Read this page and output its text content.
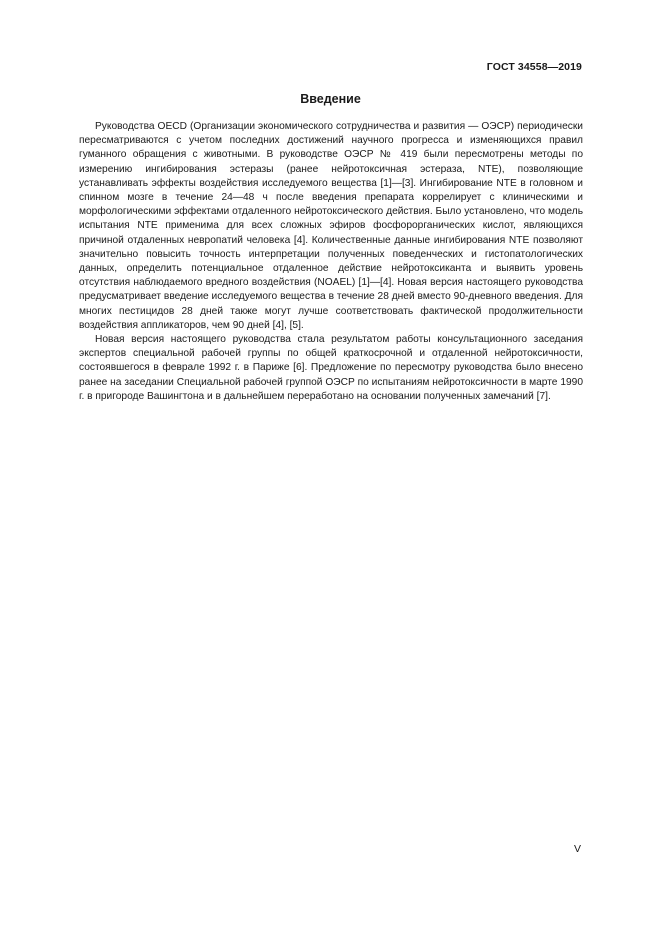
ГОСТ 34558—2019
Введение

Руководства OECD (Организации экономического сотрудничества и развития — ОЭСР) периодически пересматриваются с учетом последних достижений научного прогресса и изменяющихся правил гуманного обращения с животными. В руководстве ОЭСР № 419 были пересмотрены методы по измерению ингибирования эстеразы (ранее нейротоксичная эстераза, NTE), позволяющие устанавливать эффекты воздействия исследуемого вещества [1]—[3]. Ингибирование NTE в головном и спинном мозге в течение 24—48 ч после введения препарата коррелирует с клиническими и морфологическими эффектами отдаленного нейротоксического действия. Было установлено, что модель испытания NTE применима для всех сложных эфиров фосфорорганических кислот, являющихся причиной отдаленных невропатий человека [4]. Количественные данные ингибирования NTE позволяют значительно повысить точность интерпретации полученных поведенческих и гистопатологических данных, определить потенциальное отдаленное действие нейротоксиканта и выявить уровень отсутствия наблюдаемого вредного воздействия (NOAEL) [1]—[4]. Новая версия настоящего руководства предусматривает введение исследуемого вещества в течение 28 дней вместо 90-дневного введения. Для многих пестицидов 28 дней также могут лучше соответствовать фактической продолжительности воздействия аппликаторов, чем 90 дней [4], [5].

Новая версия настоящего руководства стала результатом работы консультационного заседания экспертов специальной рабочей группы по общей краткосрочной и отдаленной нейротоксичности, состоявшегося в феврале 1992 г. в Париже [6]. Предложение по пересмотру руководства было внесено ранее на заседании Специальной рабочей группой ОЭСР по испытаниям нейротоксичности в марте 1990 г. в пригороде Вашингтона и в дальнейшем переработано на основании полученных замечаний [7].

V
